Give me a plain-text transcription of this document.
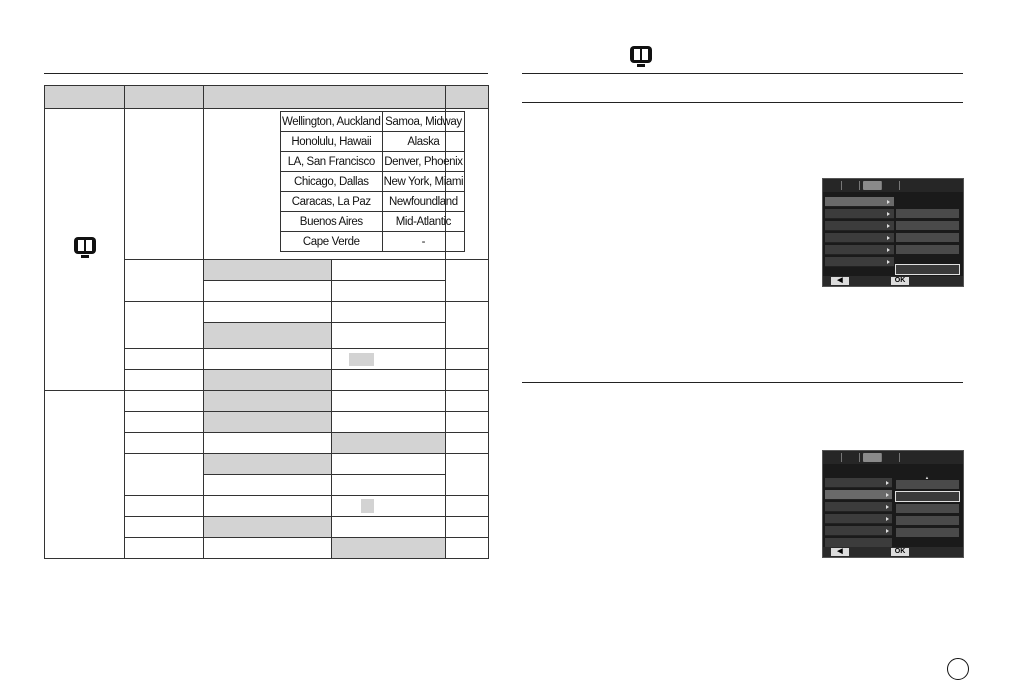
Wellington, Auckland	Samoa, Midway
Honolulu, Hawaii	Alaska
LA, San Francisco	Denver, Phoenix
Chicago, Dallas	New York, Miami
Caracas, La Paz	Newfoundland
Buenos Aires	Mid-Atlantic
Cape Verde	-

◀	OK
◀	OK
